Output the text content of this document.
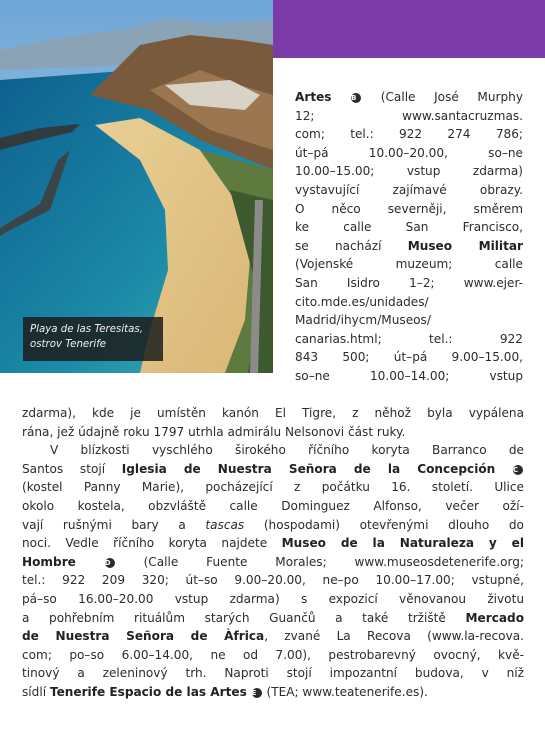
Playa de las Teresitas,
ostrov Tenerife
Artes	B (Calle José Murphy
12; www.santacruzmas.
com; tel.: 922 274 786;
út–pá 10.00–20.00, so–ne
10.00–15.00; vstup zdarma)
vystavující zajímavé obrazy.
O něco severněji, směrem
ke calle San Francisco,
se nachází Museo Militar
(Vojenské muzeum; calle
San Isidro 1–2; www.ejer-
cito.mde.es/unidades/
Madrid/ihycm/Museos/
canarias.html; tel.: 922
843 500; út–pá 9.00–15.00,
so–ne 10.00–14.00; vstup
zdarma), kde je umístěn kanón El Tigre, z něhož byla vypálena
rána, jež údajně roku 1797 utrhla admirálu Nelsonovi část ruky.
V blízkosti vyschlého širokého říčního koryta Barranco de
Santos stojí Iglesia de Nuestra Señora de la Concepción	C
(kostel Panny Marie), pocházející z počátku 16. století. Ulice
okolo kostela, obzvláště calle Dominguez Alfonso, večer oží-
vají rušnými bary a tascas (hospodami) otevřenými dlouho do
noci. Vedle říčního koryta najdete Museo de la Naturaleza y el
Hombre	D	(Calle Fuente Morales; www.museosdetenerife.org;
tel.: 922 209 320; út–so 9.00–20.00, ne–po 10.00–17.00; vstupné,
pá–so 16.00–20.00 vstup zdarma) s expozicí věnovanou životu
a pohřebním rituálům starých Guančů a také tržiště Mercado
de Nuestra Señora de Àfrica, zvané La Recova (www.la-recova.
com; po–so 6.00–14.00, ne od 7.00), pestrobarevný ovocný, kvě-
tinový a zeleninový trh. Naproti stojí impozantní budova, v níž
sídlí Tenerife Espacio de las Artes E (TEA; www.teatenerife.es).
